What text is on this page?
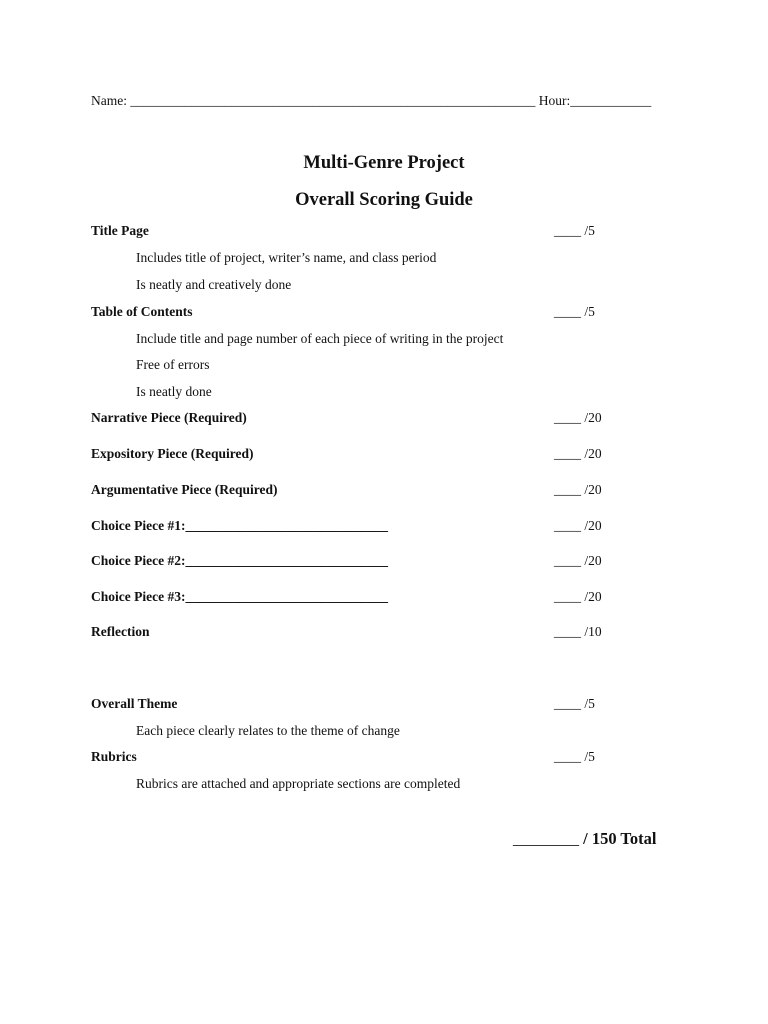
Name: ____________________________________________________________ Hour:____________
Multi-Genre Project
Overall Scoring Guide
Title Page	____ /5
Includes title of project, writer’s name, and class period
Is neatly and creatively done
Table of Contents	____ /5
Include title and page number of each piece of writing in the project
Free of errors
Is neatly done
Narrative Piece (Required)	____ /20
Expository Piece (Required)	____ /20
Argumentative Piece (Required)	____ /20
Choice Piece #1:______________________________	____ /20
Choice Piece #2:______________________________	____ /20
Choice Piece #3:______________________________	____ /20
Reflection	____ /10
Overall Theme	____ /5
Each piece clearly relates to the theme of change
Rubrics	____ /5
Rubrics are attached and appropriate sections are completed
________ / 150 Total
